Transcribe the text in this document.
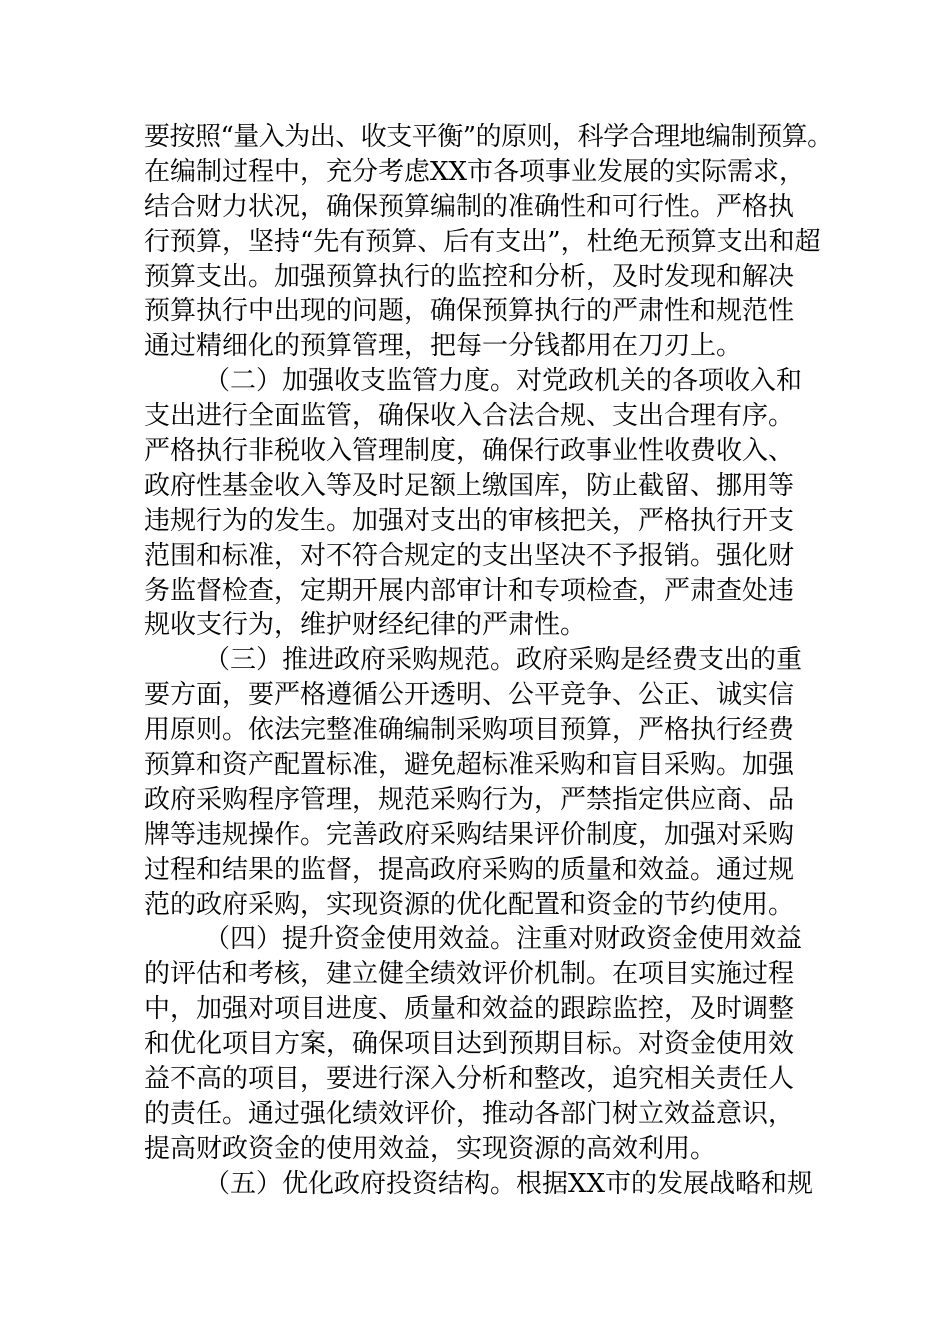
要按照“量入为出、收支平衡”的原则，科学合理地编制预算。
在编制过程中，充分考虑XX市各项事业发展的实际需求，
结合财力状况，确保预算编制的准确性和可行性。严格执
行预算，坚持“先有预算、后有支出”，杜绝无预算支出和超
预算支出。加强预算执行的监控和分析，及时发现和解决
预算执行中出现的问题，确保预算执行的严肃性和规范性
通过精细化的预算管理，把每一分钱都用在刀刃上。
（二）加强收支监管力度。对党政机关的各项收入和
支出进行全面监管，确保收入合法合规、支出合理有序。
严格执行非税收入管理制度，确保行政事业性收费收入、
政府性基金收入等及时足额上缴国库，防止截留、挪用等
违规行为的发生。加强对支出的审核把关，严格执行开支
范围和标准，对不符合规定的支出坚决不予报销。强化财
务监督检查，定期开展内部审计和专项检查，严肃查处违
规收支行为，维护财经纪律的严肃性。
（三）推进政府采购规范。政府采购是经费支出的重
要方面，要严格遵循公开透明、公平竞争、公正、诚实信
用原则。依法完整准确编制采购项目预算，严格执行经费
预算和资产配置标准，避免超标准采购和盲目采购。加强
政府采购程序管理，规范采购行为，严禁指定供应商、品
牌等违规操作。完善政府采购结果评价制度，加强对采购
过程和结果的监督，提高政府采购的质量和效益。通过规
范的政府采购，实现资源的优化配置和资金的节约使用。
（四）提升资金使用效益。注重对财政资金使用效益
的评估和考核，建立健全绩效评价机制。在项目实施过程
中，加强对项目进度、质量和效益的跟踪监控，及时调整
和优化项目方案，确保项目达到预期目标。对资金使用效
益不高的项目，要进行深入分析和整改，追究相关责任人
的责任。通过强化绩效评价，推动各部门树立效益意识，
提高财政资金的使用效益，实现资源的高效利用。
（五）优化政府投资结构。根据XX市的发展战略和规
